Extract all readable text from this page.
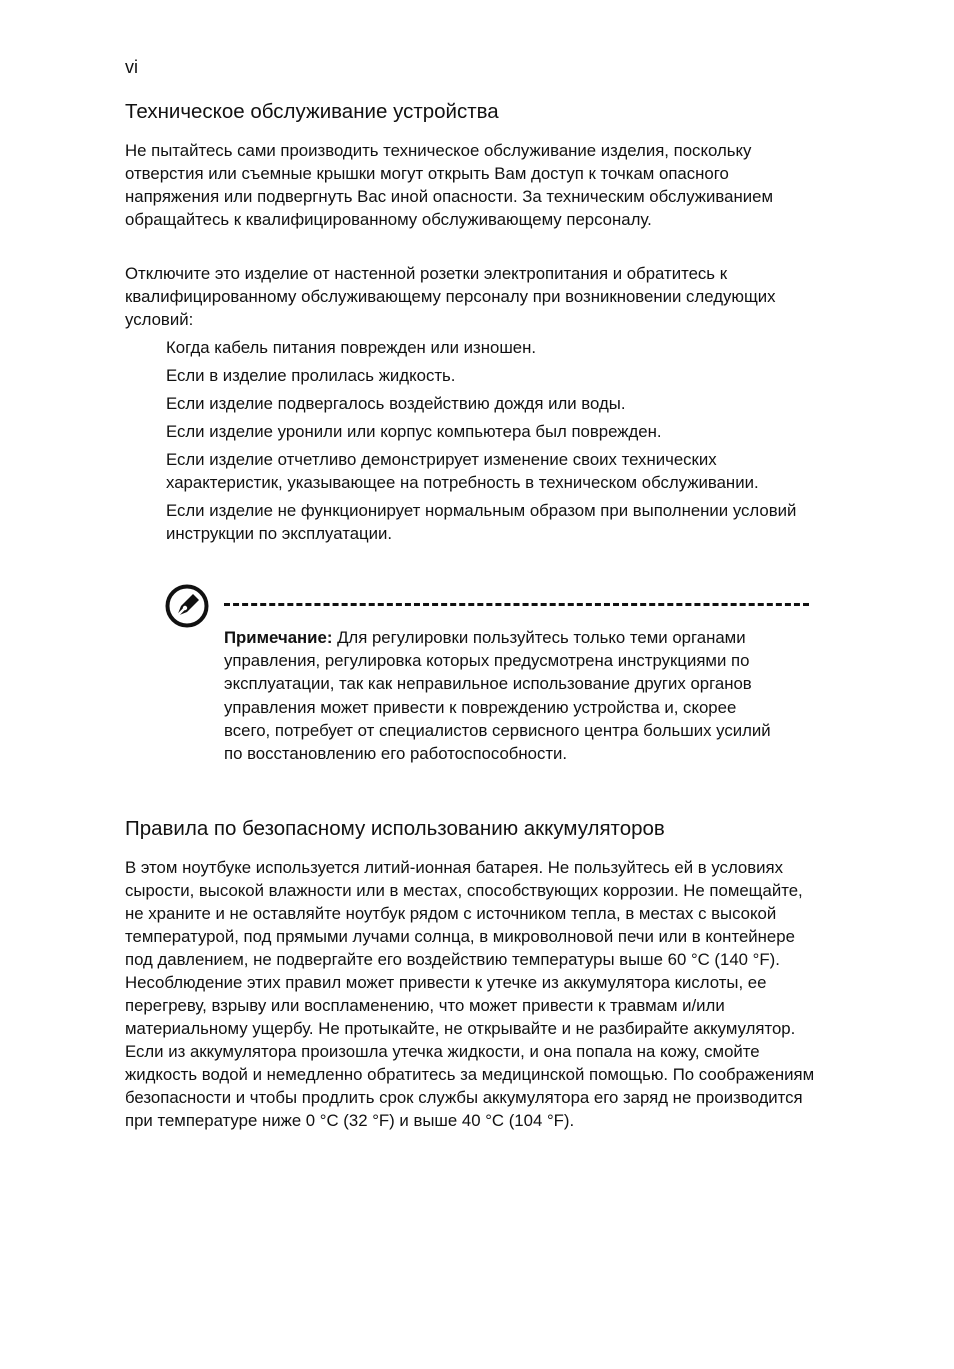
vi
Техническое обслуживание устройства

Не пытайтесь сами производить техническое обслуживание изделия, поскольку отверстия или съемные крышки могут открыть Вам доступ к точкам опасного напряжения или подвергнуть Вас иной опасности. За техническим обслуживанием обращайтесь к квалифицированному обслуживающему персоналу.

Отключите это изделие от настенной розетки электропитания и обратитесь к квалифицированному обслуживающему персоналу при возникновении следующих условий:

Когда кабель питания поврежден или изношен.
Если в изделие пролилась жидкость.
Если изделие подвергалось воздействию дождя или воды.
Если изделие уронили или корпус компьютера был поврежден.
Если изделие отчетливо демонстрирует изменение своих технических характеристик, указывающее на потребность в техническом обслуживании.
Если изделие не функционирует нормальным образом при выполнении условий инструкции по эксплуатации.

Примечание: Для регулировки пользуйтесь только теми органами управления, регулировка которых предусмотрена инструкциями по эксплуатации, так как неправильное использование других органов управления может привести к повреждению устройства и, скорее всего, потребует от специалистов сервисного центра больших усилий по восстановлению его работоспособности.

Правила по безопасному использованию аккумуляторов

В этом ноутбуке используется литий-ионная батарея. Не пользуйтесь ей в условиях сырости, высокой влажности или в местах, способствующих коррозии. Не помещайте, не храните и не оставляйте ноутбук рядом с источником тепла, в местах с высокой температурой, под прямыми лучами солнца, в микроволновой печи или в контейнере под давлением, не подвергайте его воздействию температуры выше 60 °C (140 °F). Несоблюдение этих правил может привести к утечке из аккумулятора кислоты, ее перегреву, взрыву или воспламенению, что может привести к травмам и/или материальному ущербу. Не протыкайте, не открывайте и не разбирайте аккумулятор. Если из аккумулятора произошла утечка жидкости, и она попала на кожу, смойте жидкость водой и немедленно обратитесь за медицинской помощью. По соображениям безопасности и чтобы продлить срок службы аккумулятора его заряд не производится при температуре ниже 0 °C (32 °F) и выше 40 °C (104 °F).
